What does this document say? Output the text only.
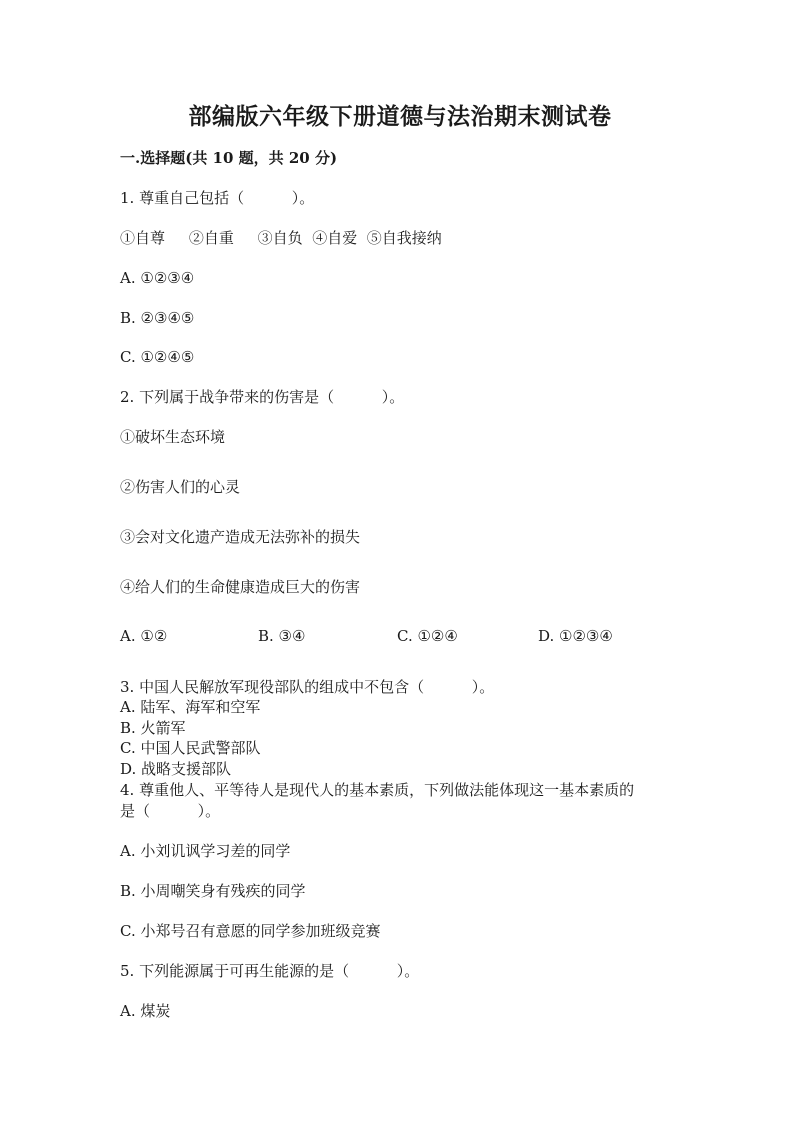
部编版六年级下册道德与法治期末测试卷
一.选择题(共 10 题，共 20 分)
1. 尊重自己包括（          ）。
①自尊     ②自重     ③自负  ④自爱  ⑤自我接纳
A. ①②③④
B. ②③④⑤
C. ①②④⑤
2. 下列属于战争带来的伤害是（          ）。
①破坏生态环境
②伤害人们的心灵
③会对文化遗产造成无法弥补的损失
④给人们的生命健康造成巨大的伤害
A. ①②	B. ③④	C. ①②④	D. ①②③④
3. 中国人民解放军现役部队的组成中不包含（          ）。
A. 陆军、海军和空军
B. 火箭军
C. 中国人民武警部队
D. 战略支援部队
4. 尊重他人、平等待人是现代人的基本素质，下列做法能体现这一基本素质的
是（          ）。
A. 小刘讥讽学习差的同学
B. 小周嘲笑身有残疾的同学
C. 小郑号召有意愿的同学参加班级竞赛
5. 下列能源属于可再生能源的是（          ）。
A. 煤炭
